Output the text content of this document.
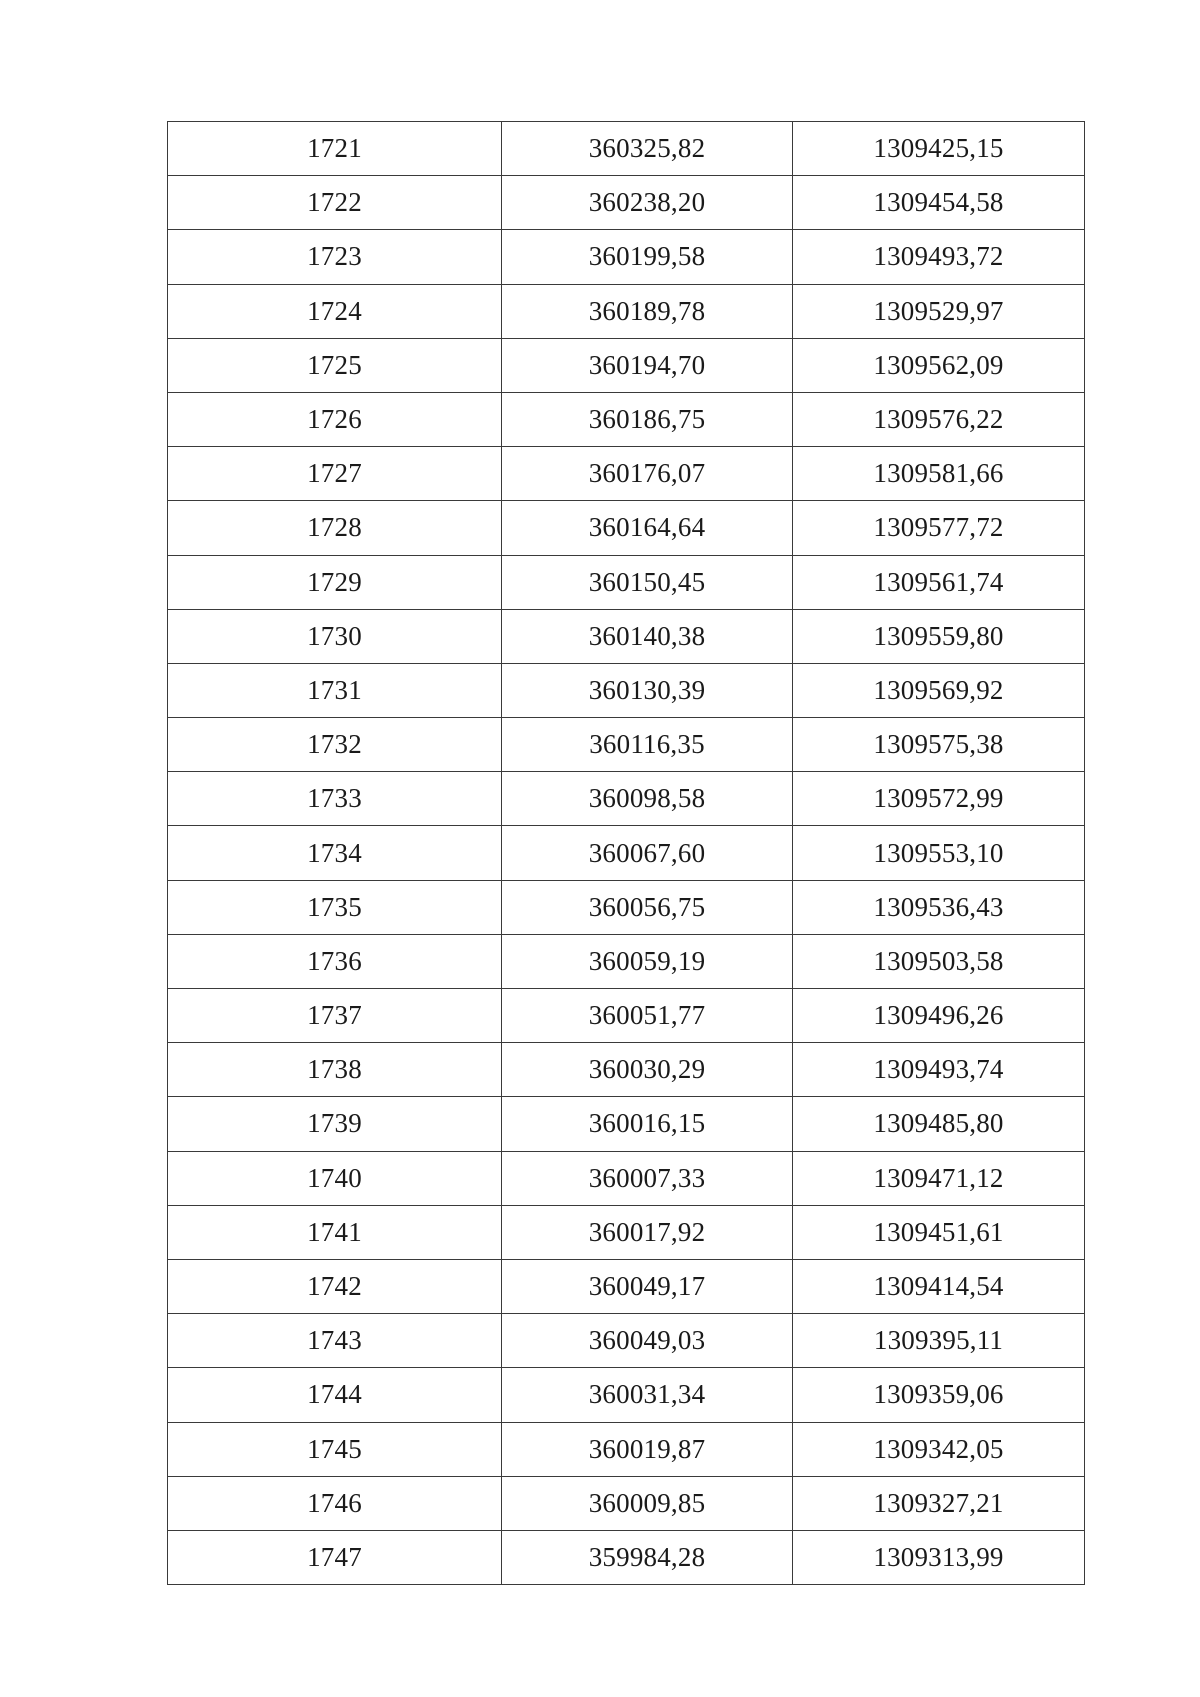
1721	360325,82	1309425,15
1722	360238,20	1309454,58
1723	360199,58	1309493,72
1724	360189,78	1309529,97
1725	360194,70	1309562,09
1726	360186,75	1309576,22
1727	360176,07	1309581,66
1728	360164,64	1309577,72
1729	360150,45	1309561,74
1730	360140,38	1309559,80
1731	360130,39	1309569,92
1732	360116,35	1309575,38
1733	360098,58	1309572,99
1734	360067,60	1309553,10
1735	360056,75	1309536,43
1736	360059,19	1309503,58
1737	360051,77	1309496,26
1738	360030,29	1309493,74
1739	360016,15	1309485,80
1740	360007,33	1309471,12
1741	360017,92	1309451,61
1742	360049,17	1309414,54
1743	360049,03	1309395,11
1744	360031,34	1309359,06
1745	360019,87	1309342,05
1746	360009,85	1309327,21
1747	359984,28	1309313,99
